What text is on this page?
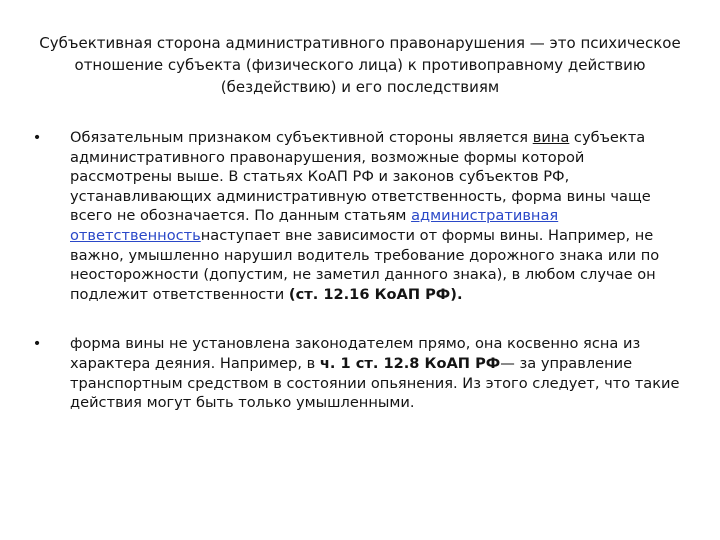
Субъективная сторона административного правонарушения — это психическое отношение субъекта (физического лица) к противоправному действию (бездействию) и его последствиям
• Обязательным признаком субъективной стороны является вина субъекта административного правонарушения, возможные формы которой рассмотрены выше. В статьях КоАП РФ и законов субъектов РФ, устанавливающих административную ответственность, форма вины чаще всего не обозначается. По данным статьям административная ответственностьнаступает вне зависимости от формы вины. Например, не важно, умышленно нарушил водитель требование дорожного знака или по неосторожности (допустим, не заметил данного знака), в любом случае он подлежит ответственности (ст. 12.16 КоАП РФ).
• форма вины не установлена законодателем прямо, она косвенно ясна из характера деяния. Например, в ч. 1 ст. 12.8 КоАП РФ— за управление транспортным средством в состоянии опьянения. Из этого следует, что такие действия могут быть только умышленными.
